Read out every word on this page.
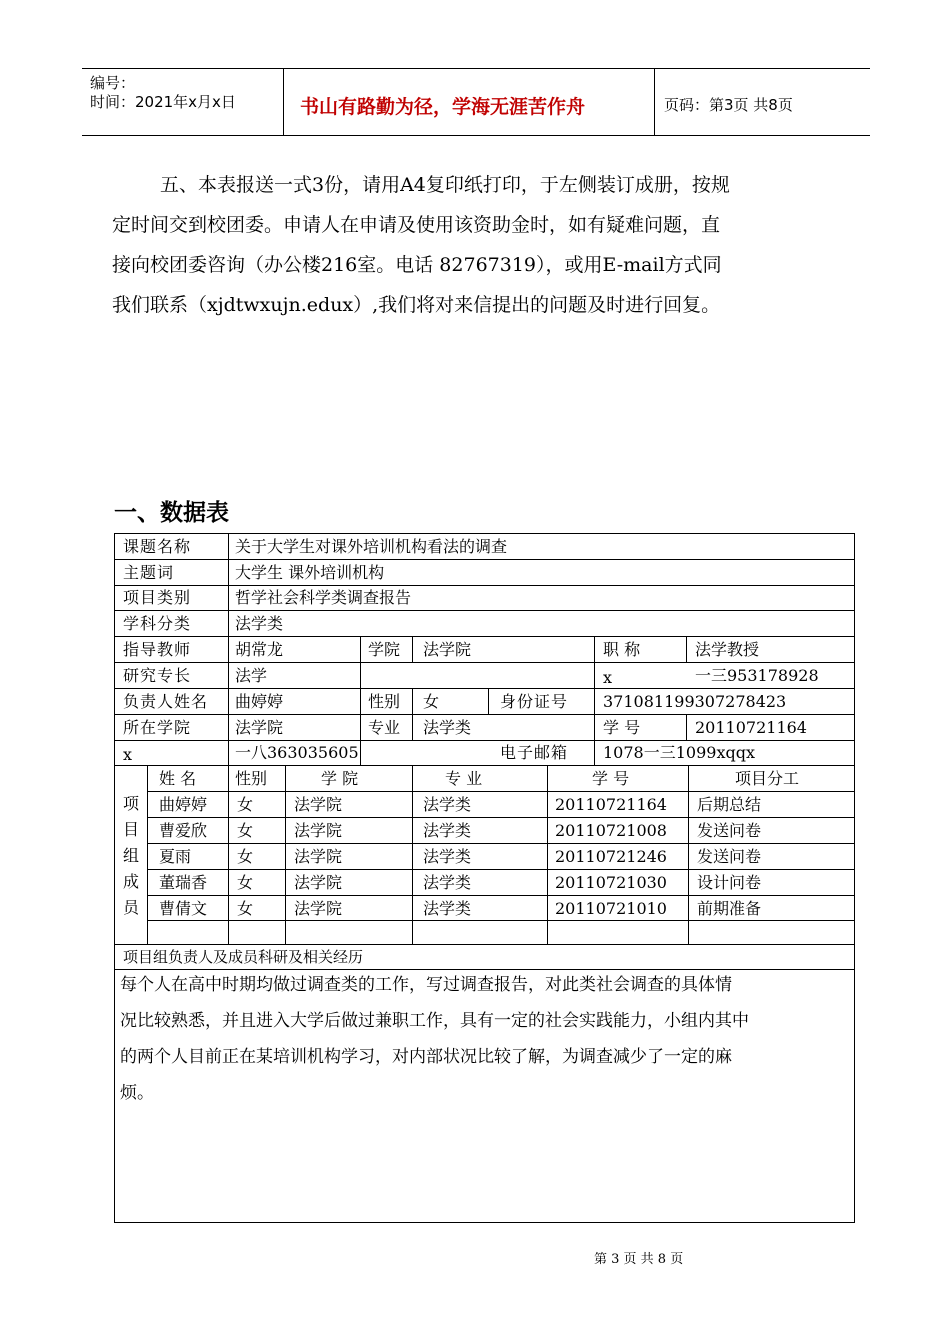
编号：
时间：2021年x月x日	书山有路勤为径，学海无涯苦作舟	页码：第3页 共8页
五、本表报送一式3份，请用A4复印纸打印，于左侧装订成册，按规
定时间交到校团委。申请人在申请及使用该资助金时，如有疑难问题，直
接向校团委咨询（办公楼216室。电话 82767319），或用E-mail方式同
我们联系（xjdtwxujn.edux）,我们将对来信提出的问题及时进行回复。
一、数据表
课题名称	关于大学生对课外培训机构看法的调查
主题词	大学生 课外培训机构
项目类别	哲学社会科学类调查报告
学科分类	法学类
指导教师	胡常龙	学院 法学院	职 称	法学教授
研究专长	法学	x	一三953178928
负责人姓名 曲婷婷	性别 女	身份证号 371081199307278423
所在学院	法学院	专业 法学类	学 号	20110721164
x	一八363035605	电子邮箱 1078一三1099xqqx
项
目
组
成
员
姓 名 性别	学 院	专 业	学 号	项目分工
曲婷婷 女	法学院	法学类	20110721164 后期总结
曹爱欣 女	法学院	法学类	20110721008 发送问卷
夏雨	女	法学院	法学类	20110721246 发送问卷
董瑞香 女	法学院	法学类	20110721030 设计问卷
曹倩文 女	法学院	法学类	20110721010 前期准备
项目组负责人及成员科研及相关经历
每个人在高中时期均做过调查类的工作，写过调查报告，对此类社会调查的具体情
况比较熟悉，并且进入大学后做过兼职工作，具有一定的社会实践能力，小组内其中
的两个人目前正在某培训机构学习，对内部状况比较了解，为调查减少了一定的麻
烦。
第 3 页 共 8 页
